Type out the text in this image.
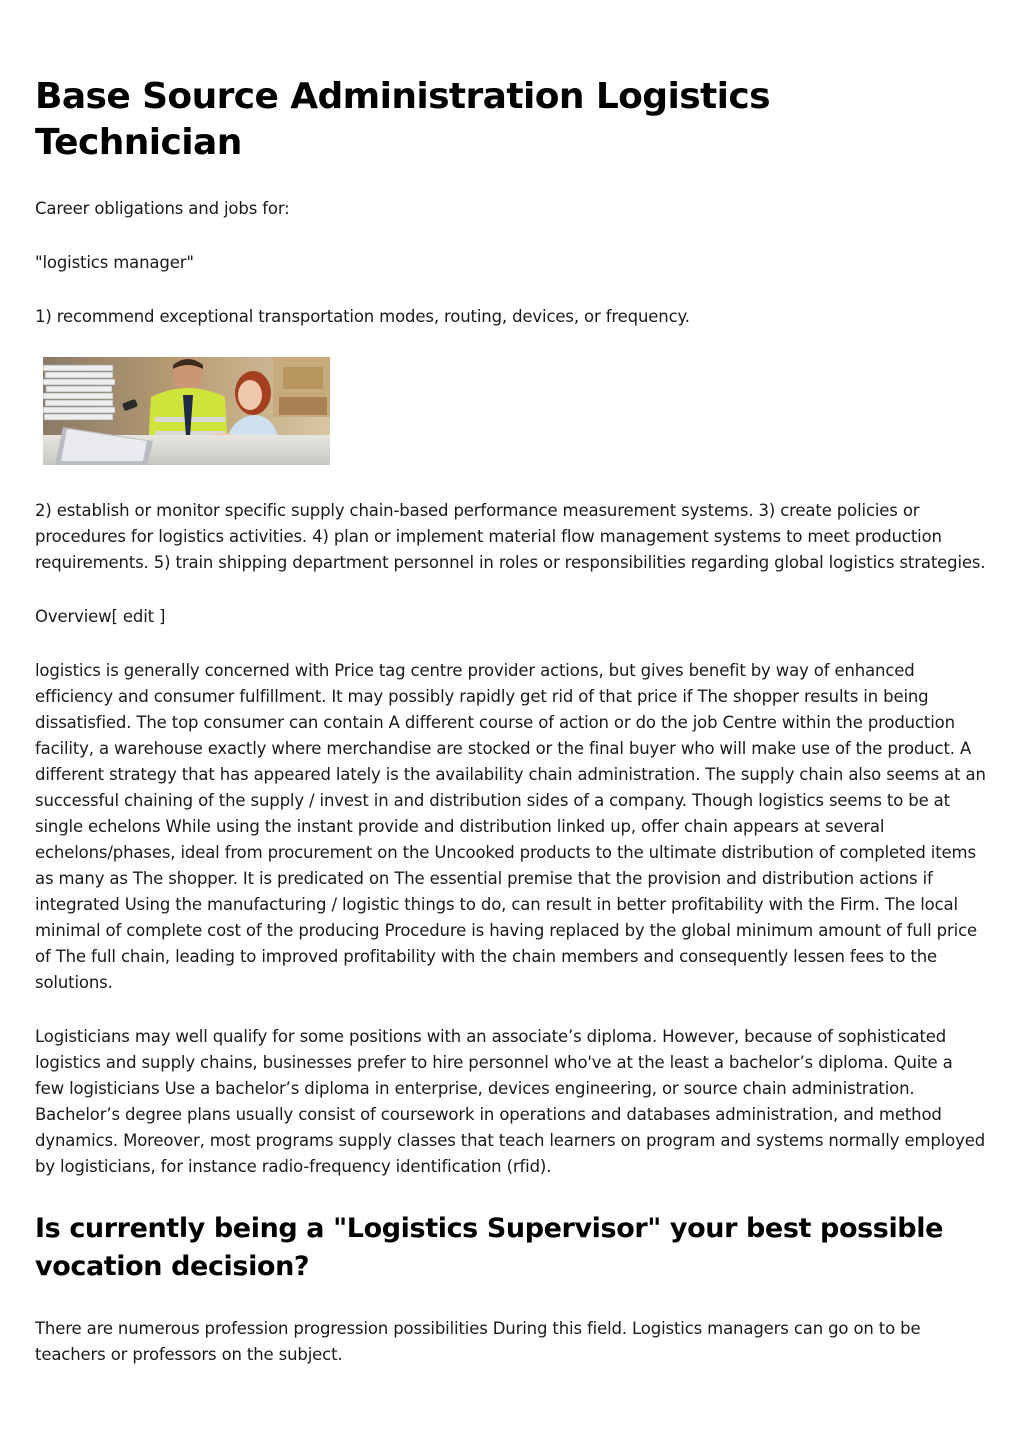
Base Source Administration Logistics Technician

Career obligations and jobs for:

"logistics manager"

1) recommend exceptional transportation modes, routing, devices, or frequency.

2) establish or monitor specific supply chain-based performance measurement systems. 3) create policies or procedures for logistics activities. 4) plan or implement material flow management systems to meet production requirements. 5) train shipping department personnel in roles or responsibilities regarding global logistics strategies.

Overview[ edit ]

logistics is generally concerned with Price tag centre provider actions, but gives benefit by way of enhanced efficiency and consumer fulfillment. It may possibly rapidly get rid of that price if The shopper results in being dissatisfied. The top consumer can contain A different course of action or do the job Centre within the production facility, a warehouse exactly where merchandise are stocked or the final buyer who will make use of the product. A different strategy that has appeared lately is the availability chain administration. The supply chain also seems at an successful chaining of the supply / invest in and distribution sides of a company. Though logistics seems to be at single echelons While using the instant provide and distribution linked up, offer chain appears at several echelons/phases, ideal from procurement on the Uncooked products to the ultimate distribution of completed items as many as The shopper. It is predicated on The essential premise that the provision and distribution actions if integrated Using the manufacturing / logistic things to do, can result in better profitability with the Firm. The local minimal of complete cost of the producing Procedure is having replaced by the global minimum amount of full price of The full chain, leading to improved profitability with the chain members and consequently lessen fees to the solutions.

Logisticians may well qualify for some positions with an associate’s diploma. However, because of sophisticated logistics and supply chains, businesses prefer to hire personnel who've at the least a bachelor’s diploma. Quite a few logisticians Use a bachelor’s diploma in enterprise, devices engineering, or source chain administration. Bachelor’s degree plans usually consist of coursework in operations and databases administration, and method dynamics. Moreover, most programs supply classes that teach learners on program and systems normally employed by logisticians, for instance radio-frequency identification (rfid).

Is currently being a "Logistics Supervisor" your best possible vocation decision?

There are numerous profession progression possibilities During this field. Logistics managers can go on to be teachers or professors on the subject.
